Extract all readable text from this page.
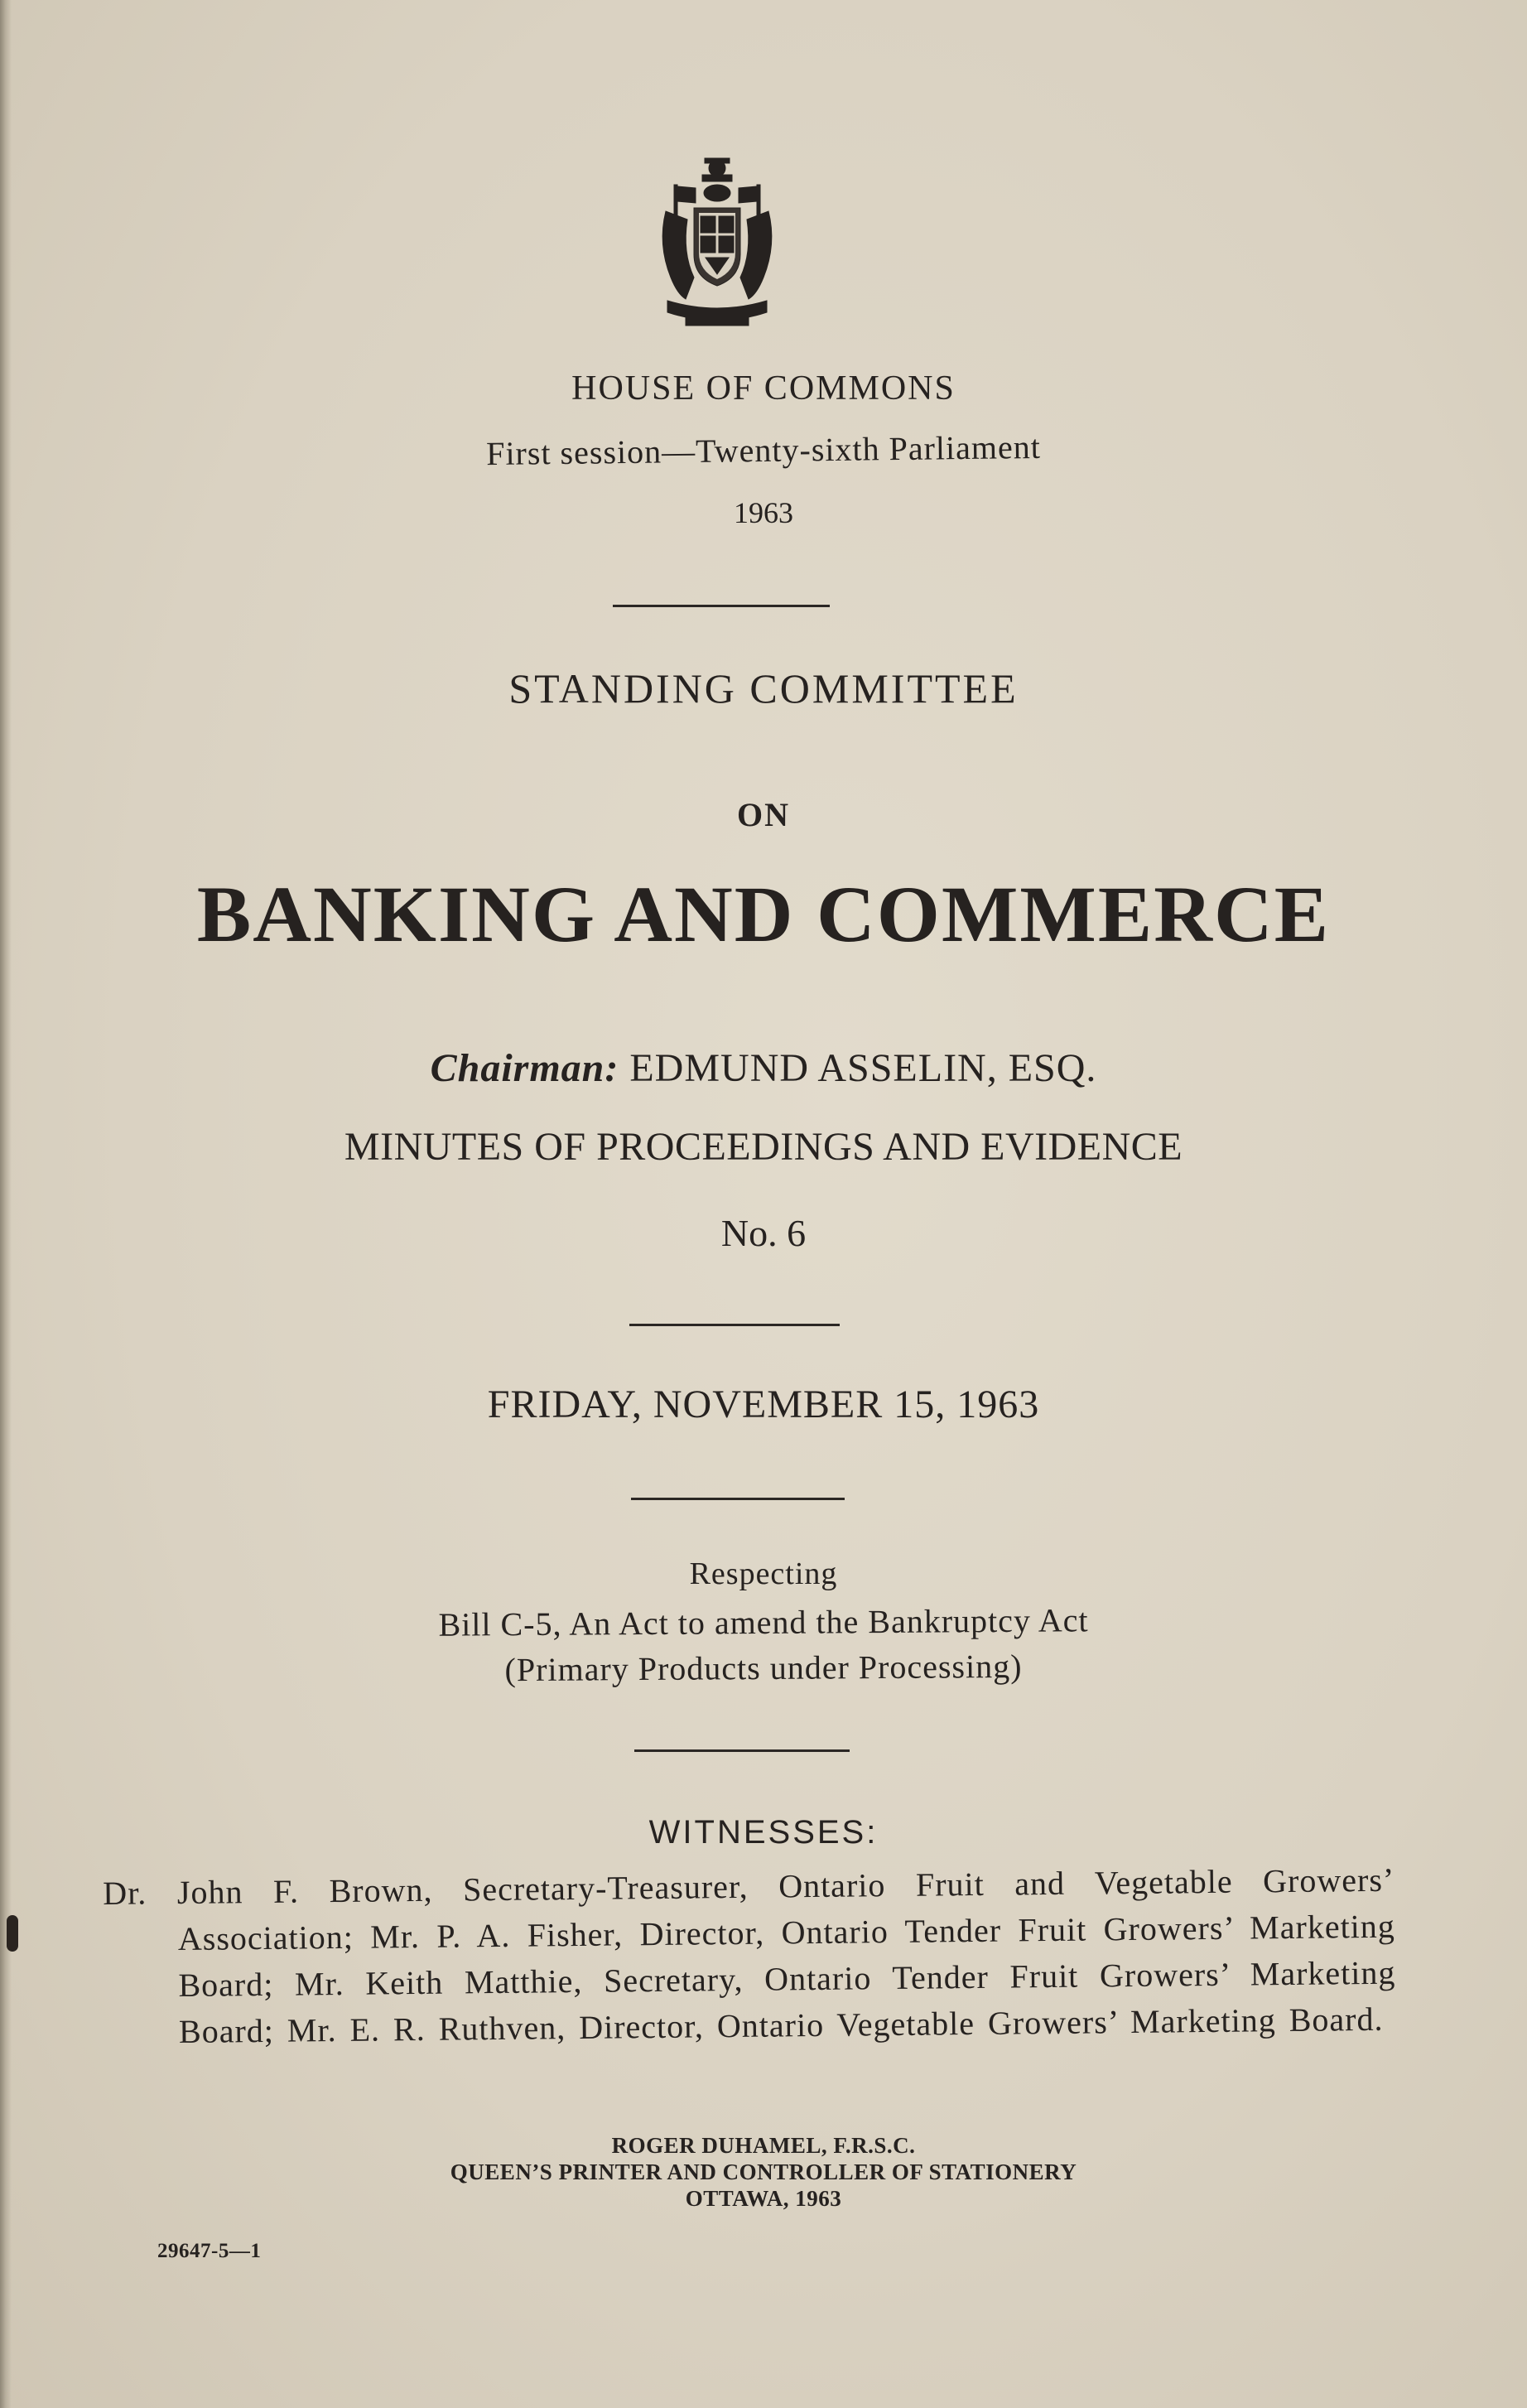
HOUSE OF COMMONS
First session—Twenty-sixth Parliament
1963
STANDING COMMITTEE
ON
BANKING AND COMMERCE
Chairman: EDMUND ASSELIN, ESQ.
MINUTES OF PROCEEDINGS AND EVIDENCE
No. 6
FRIDAY, NOVEMBER 15, 1963
Respecting
Bill C-5, An Act to amend the Bankruptcy Act
(Primary Products under Processing)
WITNESSES:
Dr. John F. Brown, Secretary-Treasurer, Ontario Fruit and Vegetable Growers’ Association; Mr. P. A. Fisher, Director, Ontario Tender Fruit Growers’ Marketing Board; Mr. Keith Matthie, Secretary, Ontario Tender Fruit Growers’ Marketing Board; Mr. E. R. Ruthven, Director, Ontario Vegetable Growers’ Marketing Board.
ROGER DUHAMEL, F.R.S.C.
QUEEN’S PRINTER AND CONTROLLER OF STATIONERY
OTTAWA, 1963
29647-5—1
